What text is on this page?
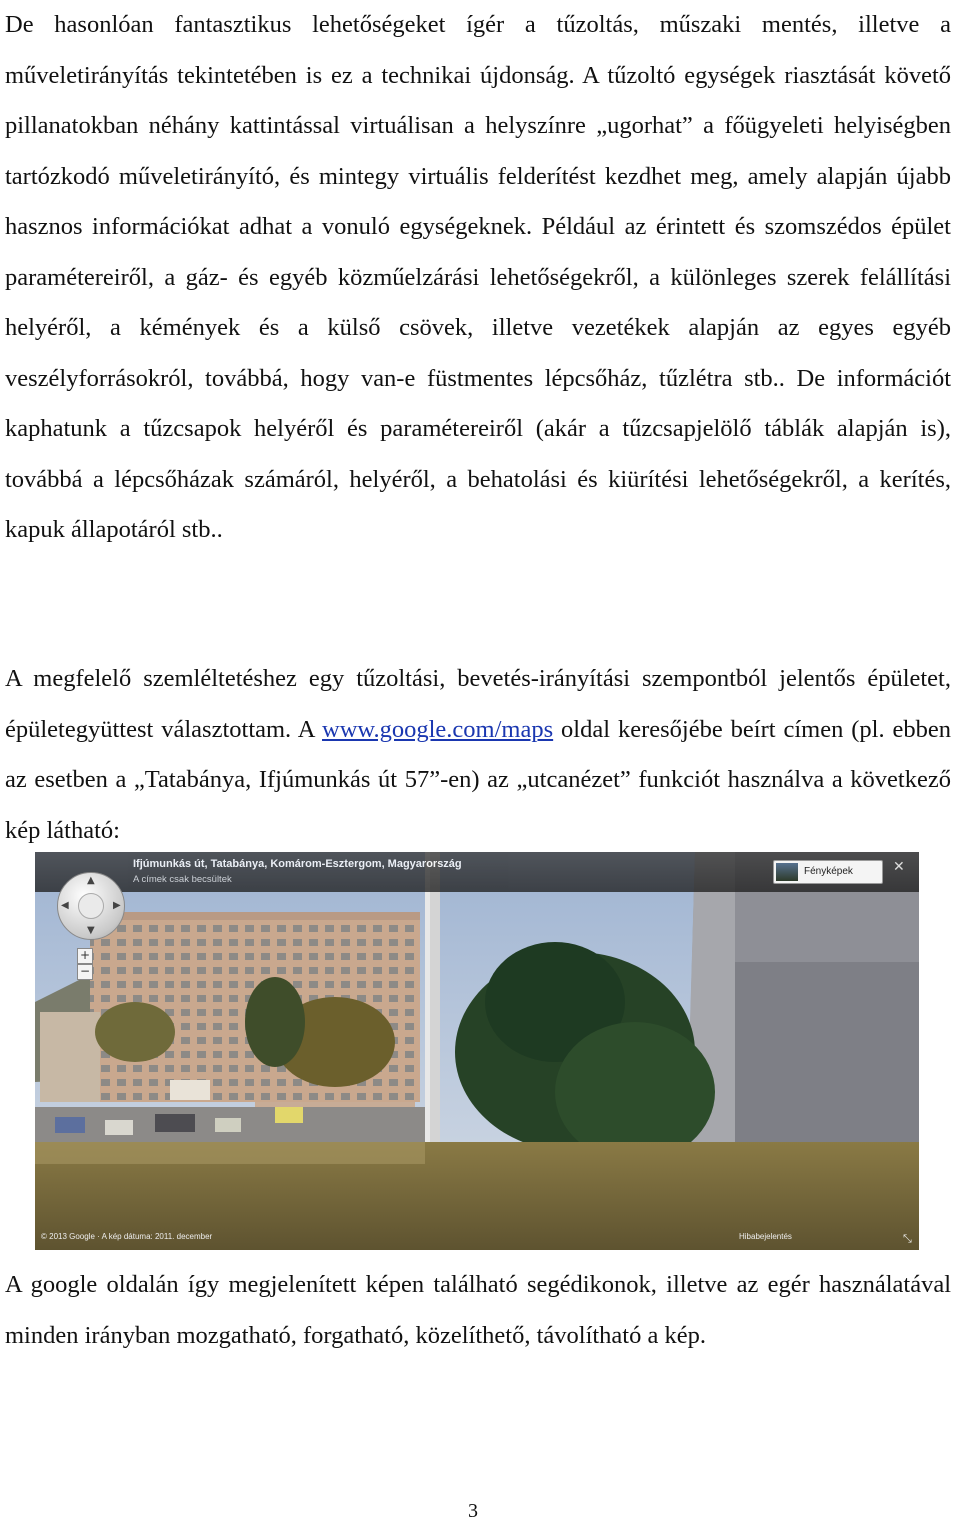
De hasonlóan fantasztikus lehetőségeket ígér a tűzoltás, műszaki mentés, illetve a műveletirányítás tekintetében is ez a technikai újdonság. A tűzoltó egységek riasztását követő pillanatokban néhány kattintással virtuálisan a helyszínre „ugorhat” a főügyeleti helyiségben tartózkodó műveletirányító, és mintegy virtuális felderítést kezdhet meg, amely alapján újabb hasznos információkat adhat a vonuló egységeknek. Például az érintett és szomszédos épület paramétereiről, a gáz- és egyéb közműelzárási lehetőségekről, a különleges szerek felállítási helyéről, a kémények és a külső csövek, illetve vezetékek alapján az egyes egyéb veszélyforrásokról, továbbá, hogy van-e füstmentes lépcsőház, tűzlétra stb.. De információt kaphatunk a tűzcsapok helyéről és paramétereiről (akár a tűzcsapjelölő táblák alapján is), továbbá a lépcsőházak számáról, helyéről, a behatolási és kiürítési lehetőségekről, a kerítés, kapuk állapotáról stb..

A megfelelő szemléltetéshez egy tűzoltási, bevetés-irányítási szempontból jelentős épületet, épületegyüttest választottam. A www.google.com/maps oldal keresőjébe beírt címen (pl. ebben az esetben a „Tatabánya, Ifjúmunkás út 57”-en) az „utcanézet” funkciót használva a következő kép látható:

Ifjúmunkás út, Tatabánya, Komárom-Esztergom, Magyarország
A címek csak becsültek
Fényképek	✕
▲
▼
◀	▶
+
−
© 2013 Google · A kép dátuma: 2011. december	Hibabejelentés	⤡

A google oldalán így megjelenített képen található segédikonok, illetve az egér használatával minden irányban mozgatható, forgatható, közelíthető, távolítható a kép.

3
